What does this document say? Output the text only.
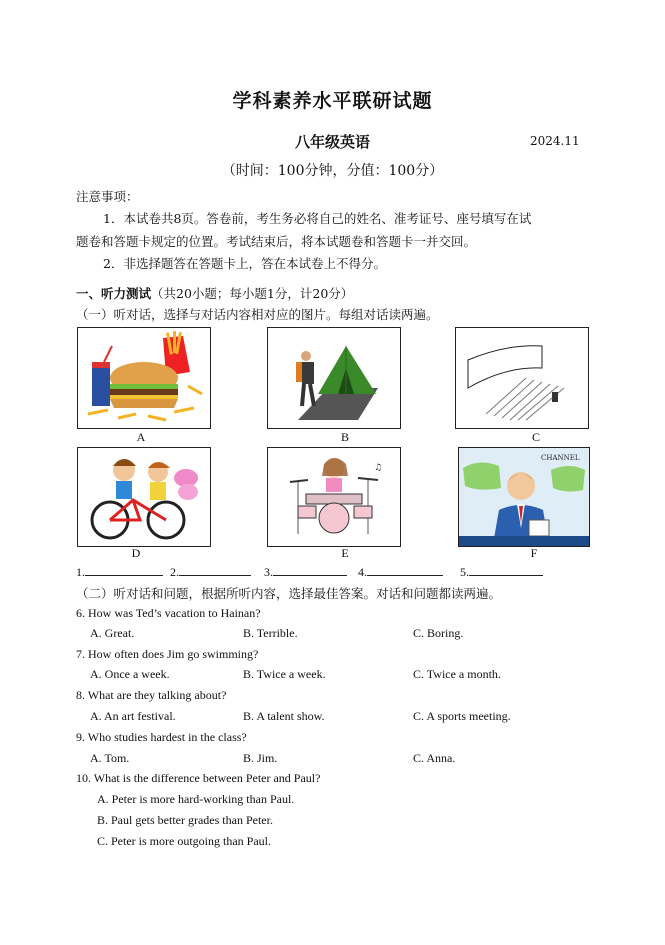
学科素养水平联研试题
八年级英语	2024.11
（时间：100分钟，分值：100分）
注意事项：
1．本试卷共8页。答卷前，考生务必将自己的姓名、准考证号、座号填写在试
题卷和答题卡规定的位置。考试结束后，将本试题卷和答题卡一并交回。
2．非选择题答在答题卡上，答在本试卷上不得分。
一、听力测试（共20小题；每小题1分，计20分）
（一）听对话，选择与对话内容相对应的图片。每组对话读两遍。
A	B	C
D
♫
E
CHANNEL
F
1.	2.	3.	4.	5.
（二）听对话和问题，根据所听内容，选择最佳答案。对话和问题都读两遍。
6. How was Ted’s vacation to Hainan?
A. Great.	B. Terrible.	C. Boring.
7. How often does Jim go swimming?
A. Once a week.	B. Twice a week.	C. Twice a month.
8. What are they talking about?
A. An art festival.	B. A talent show.	C. A sports meeting.
9. Who studies hardest in the class?
A. Tom.	B. Jim.	C. Anna.
10. What is the difference between Peter and Paul?
A. Peter is more hard-working than Paul.
B. Paul gets better grades than Peter.
C. Peter is more outgoing than Paul.
